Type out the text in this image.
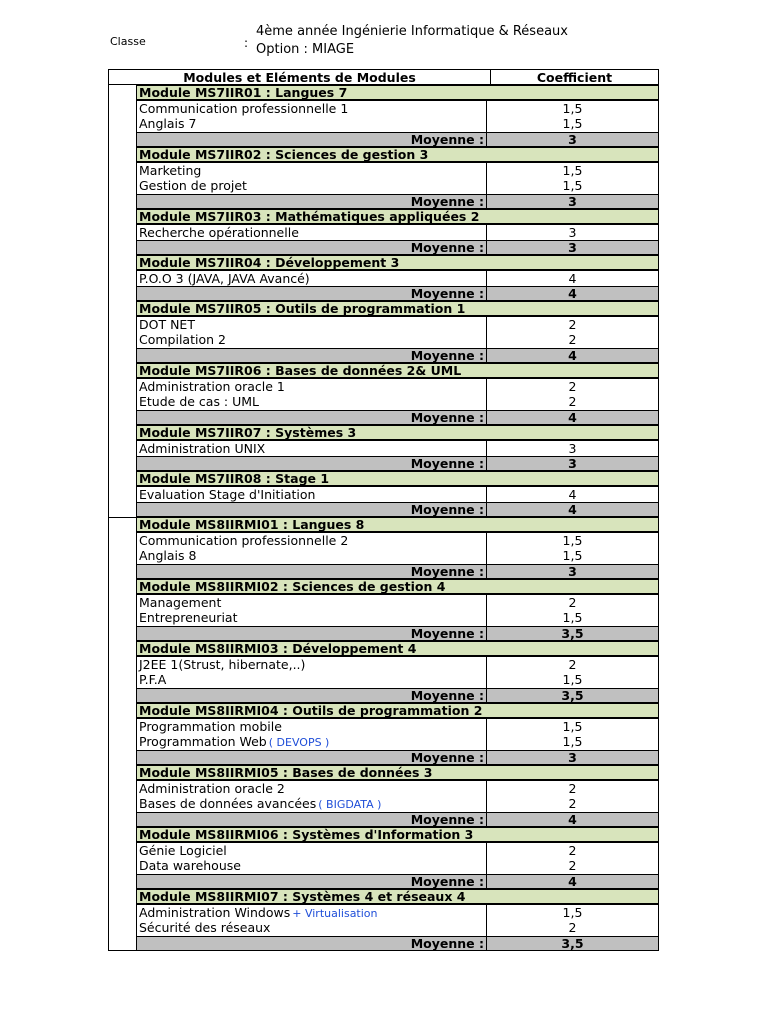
Classe	:
4ème année Ingénierie Informatique & Réseaux
Option : MIAGE
Modules et Eléments de Modules	Coefficient
Module MS7IIR01 : Langues 7
Communication professionnelle 1	1,5
Anglais 7	1,5
Moyenne :	3
Module MS7IIR02 : Sciences de gestion 3
Marketing	1,5
Gestion de projet	1,5
Moyenne :	3
Module MS7IIR03 : Mathématiques appliquées 2
Recherche opérationnelle	3
Moyenne :	3
Module MS7IIR04 : Développement 3
P.O.O 3 (JAVA, JAVA Avancé)	4
Moyenne :	4
Module MS7IIR05 : Outils de programmation 1
DOT NET	2
Compilation 2	2
Moyenne :	4
Module MS7IIR06 : Bases de données 2& UML
Administration oracle 1	2
Etude de cas : UML	2
Moyenne :	4
Module MS7IIR07 : Systèmes 3
Administration UNIX	3
Moyenne :	3
Module MS7IIR08 : Stage 1
Evaluation Stage d'Initiation	4
Moyenne :	4
Module MS8IIRMI01 : Langues 8
Communication professionnelle 2	1,5
Anglais 8	1,5
Moyenne :	3
Module MS8IIRMI02 : Sciences de gestion 4
Management	2
Entrepreneuriat	1,5
Moyenne :	3,5
Module MS8IIRMI03 : Développement 4
J2EE 1(Strust, hibernate,..)	2
P.F.A	1,5
Moyenne :	3,5
Module MS8IIRMI04 : Outils de programmation 2
Programmation mobile	1,5
Programmation Web ( DEVOPS )	1,5
Moyenne :	3
Module MS8IIRMI05 : Bases de données 3
Administration oracle 2	2
Bases de données avancées ( BIGDATA )	2
Moyenne :	4
Module MS8IIRMI06 : Systèmes d'Information 3
Génie Logiciel	2
Data warehouse	2
Moyenne :	4
Module MS8IIRMI07 : Systèmes 4 et réseaux 4
Administration Windows + Virtualisation	1,5
Sécurité des réseaux	2
Moyenne :	3,5
